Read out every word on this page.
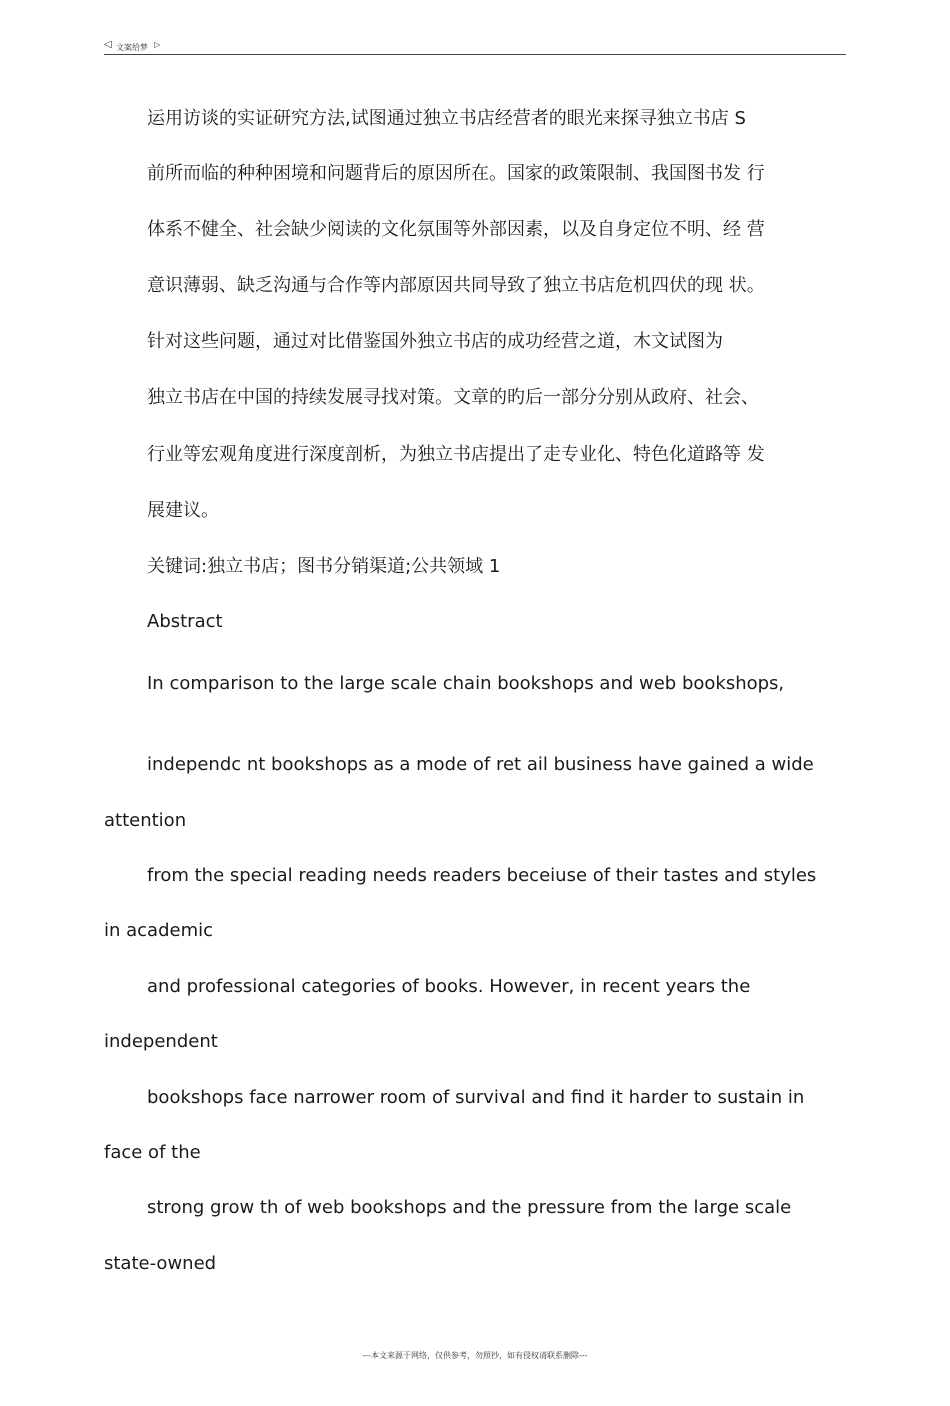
◁ 文案给梦 ▷
运用访谈的实证研究方法,试图通过独立书店经营者的眼光来探寻独立书店 S
前所而临的种种困境和问题背后的原因所在。国家的政策限制、我国图书发 行
体系不健全、社会缺少阅读的文化氛围等外部因素，以及自身定位不明、经 营
意识薄弱、缺乏沟通与合作等内部原因共同导致了独立书店危机四伏的现 状。
针对这些问题，通过对比借鉴国外独立书店的成功经营之道，木文试图为
独立书店在中国的持续发展寻找对策。文章的旳后一部分分别从政府、社会、
行业等宏观角度进行深度剖析，为独立书店提出了走专业化、特色化道路等 发
展建议。
关键词:独立书店；图书分销渠道;公共领域 1
Abstract
In comparison to the large scale chain bookshops and web bookshops,
independc nt bookshops as a mode of ret ail business have gained a wide
attention
from the special reading needs readers beceiuse of their tastes and styles
in academic
and professional categories of books. However, in recent years the
independent
bookshops face narrower room of survival and find it harder to sustain in
face of the
strong grow th of web bookshops and the pressure from the large scale
state-owned
---本文来源于网络，仅供参考，勿照抄，如有侵权请联系删除---
